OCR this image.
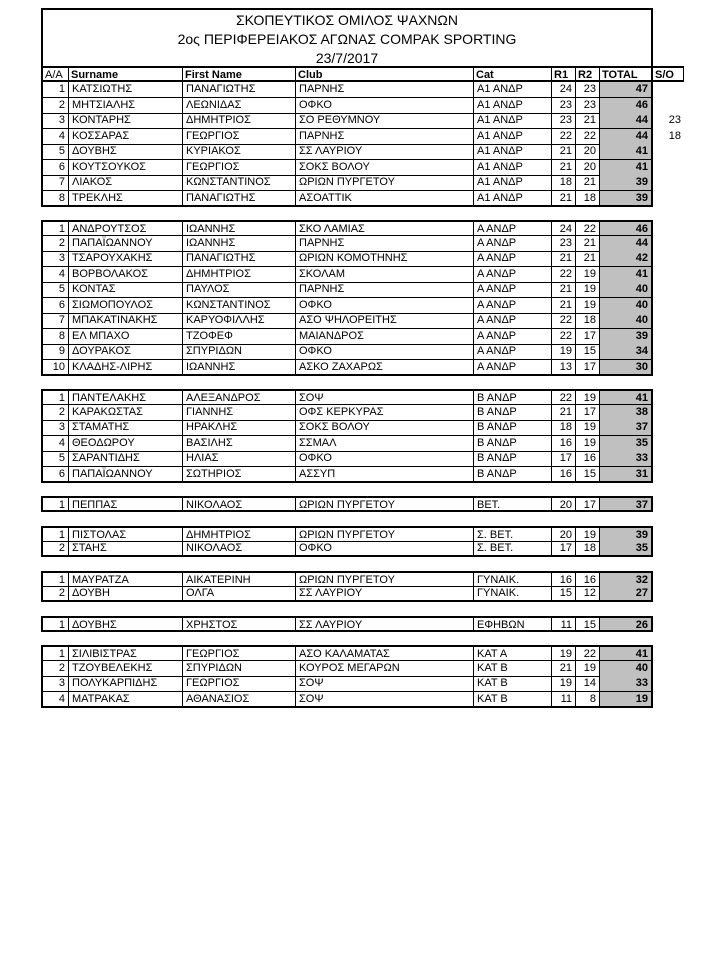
ΣΚΟΠΕΥΤΙΚΟΣ ΟΜΙΛΟΣ ΨΑΧΝΩΝ
2ος ΠΕΡΙΦΕΡΕΙΑΚΟΣ ΑΓΩΝΑΣ COMPAK SPORTING
23/7/2017
A/A Surname	First Name	Club	Cat	R1 R2 TOTAL	S/O
1 ΚΑΤΣΙΩΤΗΣ	ΠΑΝΑΓΙΩΤΗΣ	ΠΑΡΝΗΣ	Α1 ΑΝΔΡ	24	23	47
2 ΜΗΤΣΙΑΛΗΣ	ΛΕΩΝΙΔΑΣ	ΟΦΚΟ	Α1 ΑΝΔΡ	23	23	46
3 ΚΟΝΤΑΡΗΣ	ΔΗΜΗΤΡΙΟΣ	ΣΟ ΡΕΘΥΜΝΟΥ	Α1 ΑΝΔΡ	23	21	44	23
4 ΚΟΣΣΑΡΑΣ	ΓΕΩΡΓΙΟΣ	ΠΑΡΝΗΣ	Α1 ΑΝΔΡ	22	22	44	18
5 ΔΟΥΒΗΣ	ΚΥΡΙΑΚΟΣ	ΣΣ ΛΑΥΡΙΟΥ	Α1 ΑΝΔΡ	21	20	41
6 ΚΟΥΤΣΟΥΚΟΣ	ΓΕΩΡΓΙΟΣ	ΣΟΚΣ ΒΟΛΟΥ	Α1 ΑΝΔΡ	21	20	41
7 ΛΙΑΚΟΣ	ΚΩΝΣΤΑΝΤΙΝΟΣ	ΩΡΙΩΝ ΠΥΡΓΕΤΟΥ	Α1 ΑΝΔΡ	18	21	39
8 ΤΡΕΚΛΗΣ	ΠΑΝΑΓΙΩΤΗΣ	ΑΣΟΑΤΤΙΚ	Α1 ΑΝΔΡ	21	18	39
1 ΑΝΔΡΟΥΤΣΟΣ	ΙΩΑΝΝΗΣ	ΣΚΟ ΛΑΜΙΑΣ	Α ΑΝΔΡ	24	22	46
2 ΠΑΠΑΪΩΑΝΝΟΥ	ΙΩΑΝΝΗΣ	ΠΑΡΝΗΣ	Α ΑΝΔΡ	23	21	44
3 ΤΣΑΡΟΥΧΑΚΗΣ	ΠΑΝΑΓΙΩΤΗΣ	ΩΡΙΩΝ ΚΟΜΟΤΗΝΗΣ	Α ΑΝΔΡ	21	21	42
4 ΒΟΡΒΟΛΑΚΟΣ	ΔΗΜΗΤΡΙΟΣ	ΣΚΟΛΑΜ	Α ΑΝΔΡ	22	19	41
5 ΚΟΝΤΑΣ	ΠΑΥΛΟΣ	ΠΑΡΝΗΣ	Α ΑΝΔΡ	21	19	40
6 ΣΙΩΜΟΠΟΥΛΟΣ	ΚΩΝΣΤΑΝΤΙΝΟΣ	ΟΦΚΟ	Α ΑΝΔΡ	21	19	40
7 ΜΠΑΚΑΤΙΝΑΚΗΣ	ΚΑΡΥΟΦΙΛΛΗΣ	ΑΣΟ ΨΗΛΟΡΕΙΤΗΣ	Α ΑΝΔΡ	22	18	40
8 ΕΛ ΜΠΑΧΟ	ΤΖΟΦΕΦ	ΜΑΙΑΝΔΡΟΣ	Α ΑΝΔΡ	22	17	39
9 ΔΟΥΡΑΚΟΣ	ΣΠΥΡΙΔΩΝ	ΟΦΚΟ	Α ΑΝΔΡ	19	15	34
10 ΚΛΑΔΗΣ-ΛΙΡΗΣ	ΙΩΑΝΝΗΣ	ΑΣΚΟ ΖΑΧΑΡΩΣ	Α ΑΝΔΡ	13	17	30
1 ΠΑΝΤΕΛΑΚΗΣ	ΑΛΕΞΑΝΔΡΟΣ	ΣΟΨ	Β ΑΝΔΡ	22	19	41
2 ΚΑΡΑΚΩΣΤΑΣ	ΓΙΑΝΝΗΣ	ΟΦΣ ΚΕΡΚΥΡΑΣ	Β ΑΝΔΡ	21	17	38
3 ΣΤΑΜΑΤΗΣ	ΗΡΑΚΛΗΣ	ΣΟΚΣ ΒΟΛΟΥ	Β ΑΝΔΡ	18	19	37
4 ΘΕΟΔΩΡΟΥ	ΒΑΣΙΛΗΣ	ΣΣΜΑΛ	Β ΑΝΔΡ	16	19	35
5 ΣΑΡΑΝΤΙΔΗΣ	ΗΛΙΑΣ	ΟΦΚΟ	Β ΑΝΔΡ	17	16	33
6 ΠΑΠΑΪΩΑΝΝΟΥ	ΣΩΤΗΡΙΟΣ	ΑΣΣΥΠ	Β ΑΝΔΡ	16	15	31
1 ΠΕΠΠΑΣ	ΝΙΚΟΛΑΟΣ	ΩΡΙΩΝ ΠΥΡΓΕΤΟΥ	ΒΕΤ.	20	17	37
1 ΠΙΣΤΟΛΑΣ	ΔΗΜΗΤΡΙΟΣ	ΩΡΙΩΝ ΠΥΡΓΕΤΟΥ	Σ. ΒΕΤ.	20	19	39
2 ΣΤΑΗΣ	ΝΙΚΟΛΑΟΣ	ΟΦΚΟ	Σ. ΒΕΤ.	17	18	35
1 ΜΑΥΡΑΤΖΑ	ΑΙΚΑΤΕΡΙΝΗ	ΩΡΙΩΝ ΠΥΡΓΕΤΟΥ	ΓΥΝΑΙΚ.	16	16	32
2 ΔΟΥΒΗ	ΟΛΓΑ	ΣΣ ΛΑΥΡΙΟΥ	ΓΥΝΑΙΚ.	15	12	27
1 ΔΟΥΒΗΣ	ΧΡΗΣΤΟΣ	ΣΣ ΛΑΥΡΙΟΥ	ΕΦΗΒΩΝ	11	15	26
1 ΣΙΛΙΒΙΣΤΡΑΣ	ΓΕΩΡΓΙΟΣ	ΑΣΟ ΚΑΛΑΜΑΤΑΣ	ΚΑΤ Α	19	22	41
2 ΤΖΟΥΒΕΛΕΚΗΣ	ΣΠΥΡΙΔΩΝ	ΚΟΥΡΟΣ ΜΕΓΑΡΩΝ	ΚΑΤ Β	21	19	40
3 ΠΟΛΥΚΑΡΠΙΔΗΣ	ΓΕΩΡΓΙΟΣ	ΣΟΨ	ΚΑΤ Β	19	14	33
4 ΜΑΤΡΑΚΑΣ	ΑΘΑΝΑΣΙΟΣ	ΣΟΨ	ΚΑΤ Β	11	8	19
